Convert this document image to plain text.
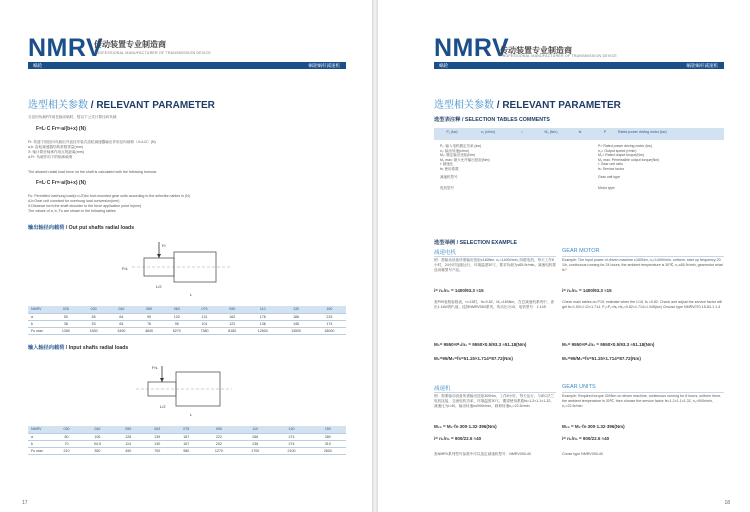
NMRV
传动装置专业制造商
PROFESSIONAL MANUFACTURER OF TRANSMISSION DEVICE
蜗轮	蜗轮蜗杆减速机
选型相关参数 / RELEVANT PARAMETER
当径向负载F作用在输出轴时，按以下公式计算径向负载
F=L·C Fr=·a/(b+x) (N)
Fr: 传递下面径向负载出外直径安装式齿轮减速器输出许用径向载荷（X=L/2）(N)
a,b: 齿轮减速器结构常数常量(mm)
X: 轴计算至轴承作用点的距离(mm)
d,Fr: 负载作用下的轴承载荷
The allowed radial load force on the shaft is calculated with the following formula:
F=L·C Fr=·a/(b+x) (N)
Fu: Permitted overhung load(x=L/2)for foot-mounted gear units according to the selection tables in (N)
A,b:Gear unit constant for overhung load conversion(mm)
X:Distance form the shaft shoulder to the force application point in(mm)
The values of a, b, Fu are shown in the following tables
输出轴径向载荷 / Out put shafts radial loads
Fr
FrL
L/2
L
NMRV	025	030	040	050	063	075	090	110	130	150
a	50	65	64	95	120	131	162	176	186	215
b	38	53	64	76	95	101	122	136	146	174
Fu max	1350	1830	3490	4840	6270	7380	8180	12500	13500	18000
输入轴径向载荷 / Input shafts radial loads
FrL
L/2
L
NMRV	030	040	050	063	075	090	110	130	150
a	80	106	128	139	187	222	266	274	280
b	70	94.5	114	130	167	202	236	274	310
Fu max	210	350	490	700	980	1270	1700	2100	2600
17
NMRV
传动装置专业制造商
PROFESSIONAL MANUFACTURER OF TRANSMISSION DEVICE
蜗轮	蜗轮蜗杆减速机
选型相关参数 / RELEVANT PARAMETER
选型表注释 / SELECTION TABLES COMMENTS
P₁ (kw)	n₁ (r/min)	i	M₂ (Nm)	fs	P	Rated power driving motor (kw)
P₁: 输入电机额定功率 (kw)
n₁: 输出转速(r/min)
M₂: 额定输出扭矩(Nm)
M₂ max: 最大允许输出扭矩(Nm)
i: 减速比
fs: 使用系数
减速机型号
电机型号
P= Rated power driving motor (kw)
n₂= Output speed (r/min)
M₂= Rated output torque(Nm)
M₂ max: Permissible output torque(Nm)
i: Gear unit ratio
fs: Service factor
Gear unit type
Motor type
选型举例 / SELECTION EXAMPLE
减速电机	GEAR MOTOR
例：需驱动设备所需输出扭矩≤160Nm, n₁=1400r/min, 四极电机，每天工作8小时，24小时连续运行，环境温度30℃，要求负载为≤65.9r/min。减速电机要选用哪型号产品。
Example: The input power of driven machine ≤160Nm, n₁=1400r/min, uniform, start up frequency 20 1/h, continuous running for 24 hours, the ambient temperature is 30℃, n₂≤65.9r/min, gearmotor what is?
i= n₁/n₂ = 1400/93.3 ≈15	i= n₁/n₂ = 1400/93.3 ≈15
查P09表格参数表，n=15时，fs=0.82，M₂=160Nm，在总减速机系列中，查出1.1kW的P₁值，选择NMRV063系列，传动比为15，电机型号：1.14S
Check main tables on P19, estimate when the i=15, fs =0.82. Check and adjust the service factor will get fs=1.53×1.12×1.714. P₁=P₁×fs₁×fs₂=0.82×1.714=1.045(kw) Choose type NMRV070-15-63-1.1-4
M₂= 9550×P₁/n₂ = 9550×0.5/93.3 ≈51.18(Nm)	M₂= 9550×P₁/n₂ = 9550×0.5/93.3 ≈51.18(Nm)
M₂=95/M₂=fs=51.15×1.714=87.72(Nm)	M₂=95/M₂=fs=51.15×1.714=87.72(Nm)
减速机	GEAR UNITS
例：需要驱动设备所需输出扭矩300Nm，工作8小时，每天运行，与IEC法兰电机连接，交流电机功率，环境温度30℃，期望使用系数fs=1.2×1.1×1.32，减速比为i=40，输出转速n≤900r/min，载荷转速n₂=22.5r/min
Example: Required torque 300Nm on driven machine, continuous running for 8 hours, uniform force, the ambient temperature is 30℃, then choose the service factor fs=1.2×1.1×1.32, n₁=900r/min, n₂=22.5r/min
M₂₂ = M₂·fs·300·1.32·396(Nm)	M₂₂ = M₂·fs·300·1.32·396(Nm)
i= n₁/n₂ = 900/22.5 ≈40	i= n₁/n₂ = 900/22.5 ≈40
查NMRV系列型号参数中可以选定减速机型号：NMRV090-40	Chose type NMRV090-40
18
